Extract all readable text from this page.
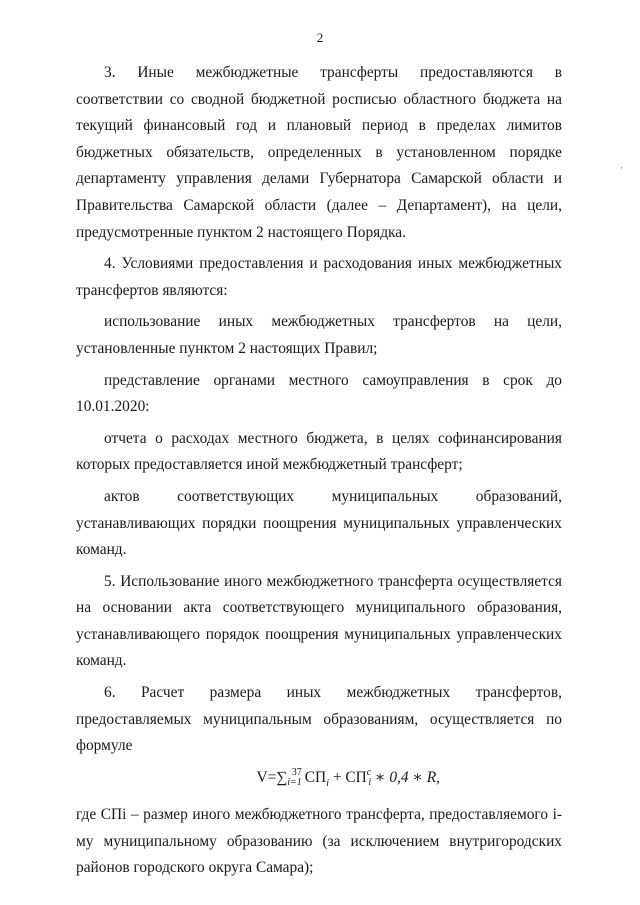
2

3. Иные межбюджетные трансферты предоставляются в соответствии со сводной бюджетной росписью областного бюджета на текущий финансовый год и плановый период в пределах лимитов бюджетных обязательств, определенных в установленном порядке департаменту управления делами Губернатора Самарской области и Правительства Самарской области (далее – Департамент), на цели, предусмотренные пунктом 2 настоящего Порядка.

4. Условиями предоставления и расходования иных межбюджетных трансфертов являются:

использование иных межбюджетных трансфертов на цели, установленные пунктом 2 настоящих Правил;

представление органами местного самоуправления в срок до 10.01.2020:

отчета о расходах местного бюджета, в целях софинансирования которых предоставляется иной межбюджетный трансферт;

актов соответствующих муниципальных образований, устанавливающих порядки поощрения муниципальных управленческих команд.

5. Использование иного межбюджетного трансферта осуществляется на основании акта соответствующего муниципального образования, устанавливающего порядок поощрения муниципальных управленческих команд.

6. Расчет размера иных межбюджетных трансфертов, предоставляемых муниципальным образованиям, осуществляется по формуле

V=∑ 37
i=1 $СП_i$ + СП c
i ∗ 0,4 ∗ R,

где СПi – размер иного межбюджетного трансферта, предоставляемого i-му муниципальному образованию (за исключением внутригородских районов городского округа Самара);

‚
